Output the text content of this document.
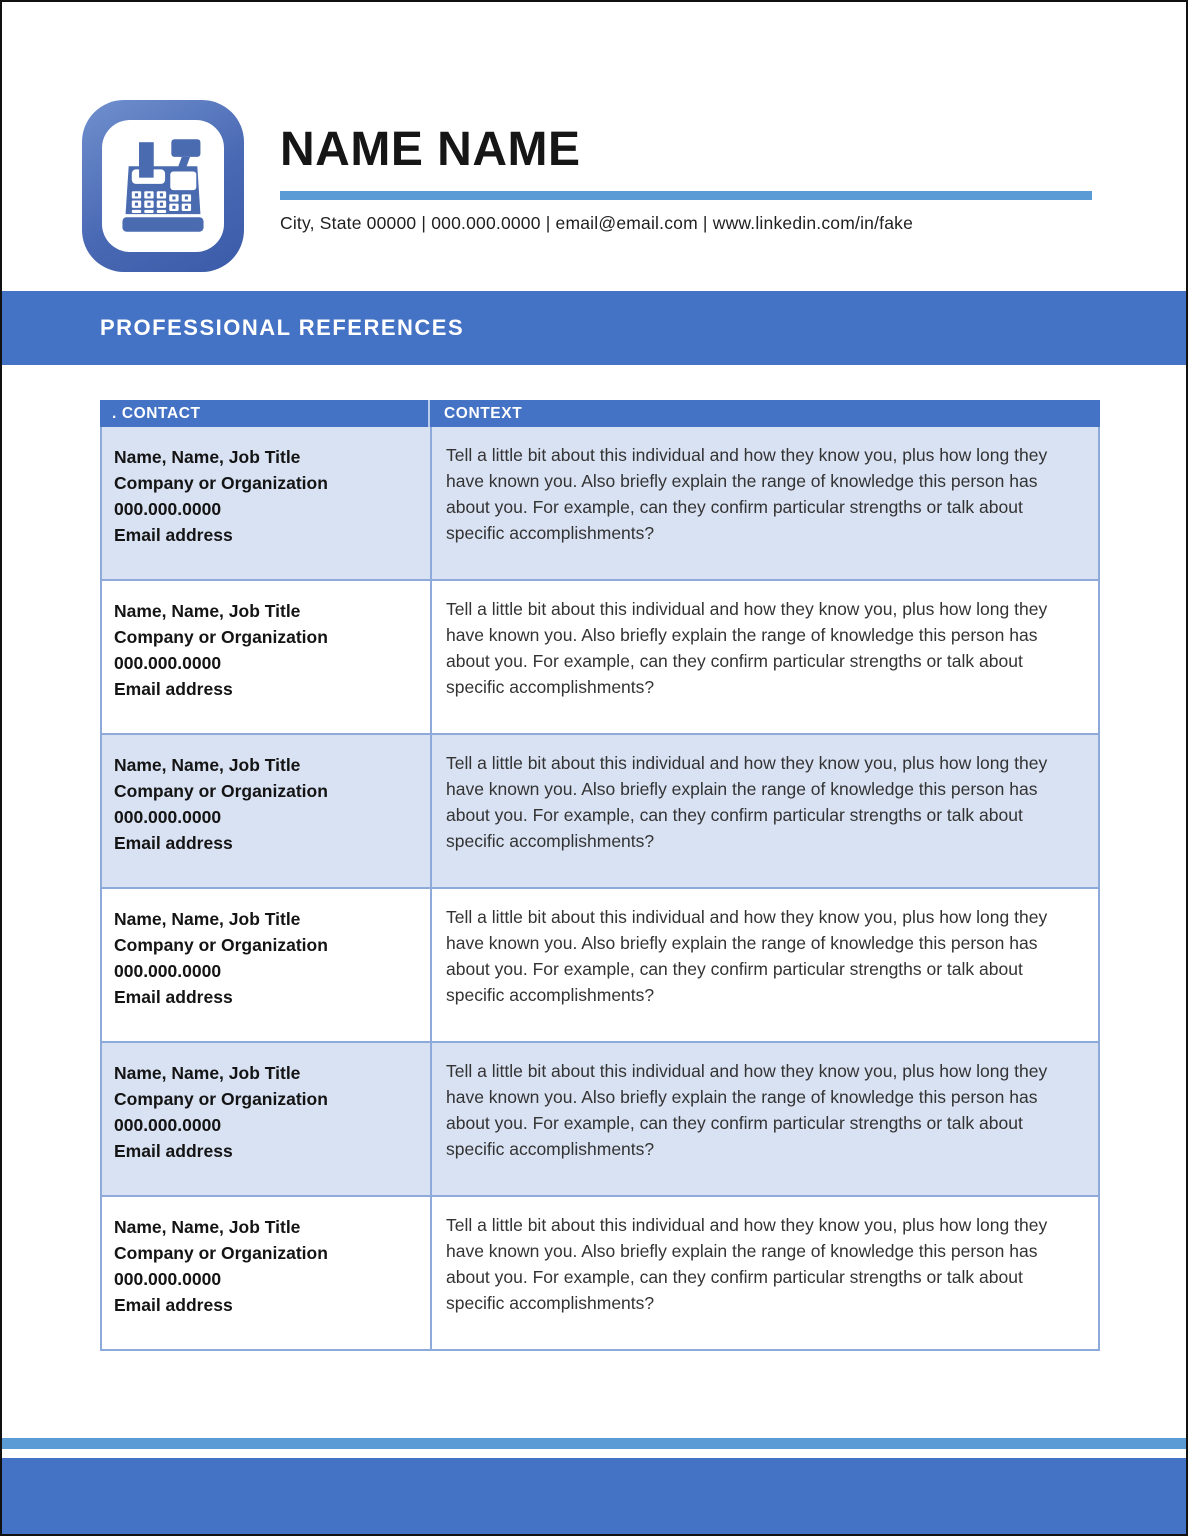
NAME NAME

City, State 00000 | 000.000.0000 | email@email.com | www.linkedin.com/in/fake

PROFESSIONAL REFERENCES
. CONTACT	CONTEXT
Name, Name, Job Title
Company or Organization
000.000.0000
Email address
Tell a little bit about this individual and how they know you, plus how long they have known you. Also briefly explain the range of knowledge this person has about you. For example, can they confirm particular strengths or talk about specific accomplishments?
Name, Name, Job Title
Company or Organization
000.000.0000
Email address
Tell a little bit about this individual and how they know you, plus how long they have known you. Also briefly explain the range of knowledge this person has about you. For example, can they confirm particular strengths or talk about specific accomplishments?
Name, Name, Job Title
Company or Organization
000.000.0000
Email address
Tell a little bit about this individual and how they know you, plus how long they have known you. Also briefly explain the range of knowledge this person has about you. For example, can they confirm particular strengths or talk about specific accomplishments?
Name, Name, Job Title
Company or Organization
000.000.0000
Email address
Tell a little bit about this individual and how they know you, plus how long they have known you. Also briefly explain the range of knowledge this person has about you. For example, can they confirm particular strengths or talk about specific accomplishments?
Name, Name, Job Title
Company or Organization
000.000.0000
Email address
Tell a little bit about this individual and how they know you, plus how long they have known you. Also briefly explain the range of knowledge this person has about you. For example, can they confirm particular strengths or talk about specific accomplishments?
Name, Name, Job Title
Company or Organization
000.000.0000
Email address
Tell a little bit about this individual and how they know you, plus how long they have known you. Also briefly explain the range of knowledge this person has about you. For example, can they confirm particular strengths or talk about specific accomplishments?
